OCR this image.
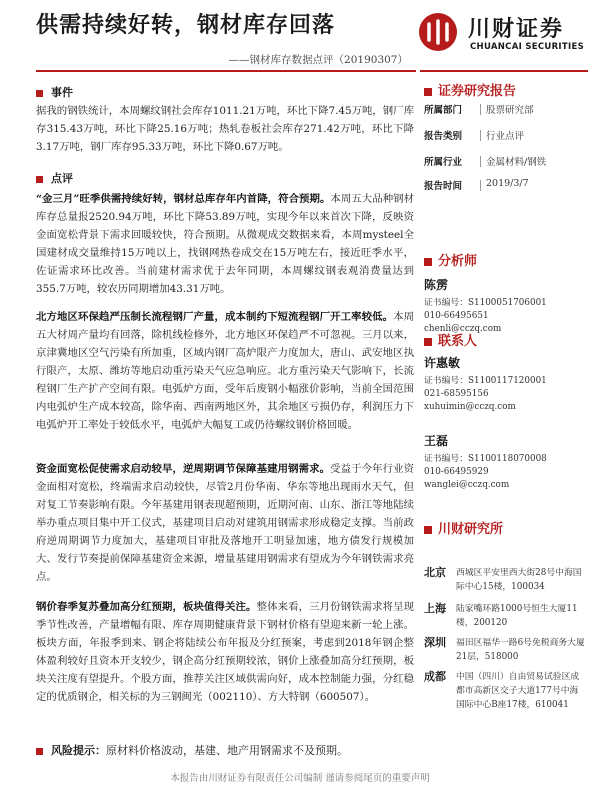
供需持续好转，钢材库存回落
——钢材库存数据点评（20190307）
川财证券
CHUANCAI SECURITIES
事件
据我的钢铁统计，本周螺纹钢社会库存1011.21万吨，环比下降7.45万吨，钢厂库存315.43万吨，环比下降25.16万吨；热轧卷板社会库存271.42万吨，环比下降3.17万吨，钢厂库存95.33万吨，环比下降0.67万吨。
点评
“金三月”旺季供需持续好转，钢材总库存年内首降，符合预期。本周五大品种钢材库存总量报2520.94万吨，环比下降53.89万吨，实现今年以来首次下降，反映资金面宽松背景下需求回暖较快，符合预期。从微观成交数据来看，本周mysteel全国建材成交量维持15万吨以上，找钢网热卷成交在15万吨左右，接近旺季水平，佐证需求环比改善。当前建材需求优于去年同期，本周螺纹钢表观消费量达到355.7万吨，较农历同期增加43.31万吨。
北方地区环保趋严压制长流程钢厂产量，成本制约下短流程钢厂开工率较低。本周五大材周产量均有回落，除机线检修外，北方地区环保趋严不可忽视。三月以来，京津冀地区空气污染有所加重，区域内钢厂高炉限产力度加大，唐山、武安地区执行限产，太原、潍坊等地启动重污染天气应急响应。北方重污染天气影响下，长流程钢厂生产扩产空间有限。电弧炉方面，受年后废钢小幅涨价影响，当前全国范围内电弧炉生产成本较高，除华南、西南两地区外，其余地区亏损仍存，利润压力下电弧炉开工率处于较低水平，电弧炉大幅复工或仍待螺纹钢价格回暖。
资金面宽松促使需求启动较早，逆周期调节保障基建用钢需求。受益于今年行业资金面相对宽松，终端需求启动较快，尽管2月份华南、华东等地出现雨水天气，但对复工节奏影响有限。今年基建用钢表现超预期，近期河南、山东、浙江等地陆续举办重点项目集中开工仪式，基建项目启动对建筑用钢需求形成稳定支撑。当前政府逆周期调节力度加大，基建项目审批及落地开工明显加速，地方债发行规模加大、发行节奏提前保障基建资金来源，增量基建用钢需求有望成为今年钢铁需求亮点。
钢价春季复苏叠加高分红预期，板块值得关注。整体来看，三月份钢铁需求将呈现季节性改善，产量增幅有限、库存周期健康背景下钢材价格有望迎来新一轮上涨。板块方面，年报季到来、钢企将陆续公布年报及分红预案，考虑到2018年钢企整体盈利较好且资本开支较少，钢企高分红预期较浓，钢价上涨叠加高分红预期，板块关注度有望提升。个股方面，推荐关注区域供需向好，成本控制能力强，分红稳定的优质钢企，相关标的为三钢闽光（002110）、方大特钢（600507）。
风险提示：原材料价格波动，基建、地产用钢需求不及预期。
证券研究报告
所属部门	股票研究部
报告类别	行业点评
所属行业	金属材料/钢铁
报告时间	2019/3/7
分析师
陈雳
证书编号：S1100051706001
010-66495651
chenli@cczq.com
联系人
许惠敏
证书编号：S1100117120001
021-68595156
xuhuimin@cczq.com
王磊
证书编号：S1100118070008
010-66495929
wanglei@cczq.com
川财研究所
北京 西城区平安里西大街28号中海国际中心15楼，100034
上海 陆家嘴环路1000号恒生大厦11楼，200120
深圳 福田区福华一路6号免税商务大厦21层，518000
成都 中国（四川）自由贸易试验区成都市高新区交子大道177号中海国际中心B座17楼，610041
本报告由川财证券有限责任公司编制 谨请参阅尾页的重要声明
